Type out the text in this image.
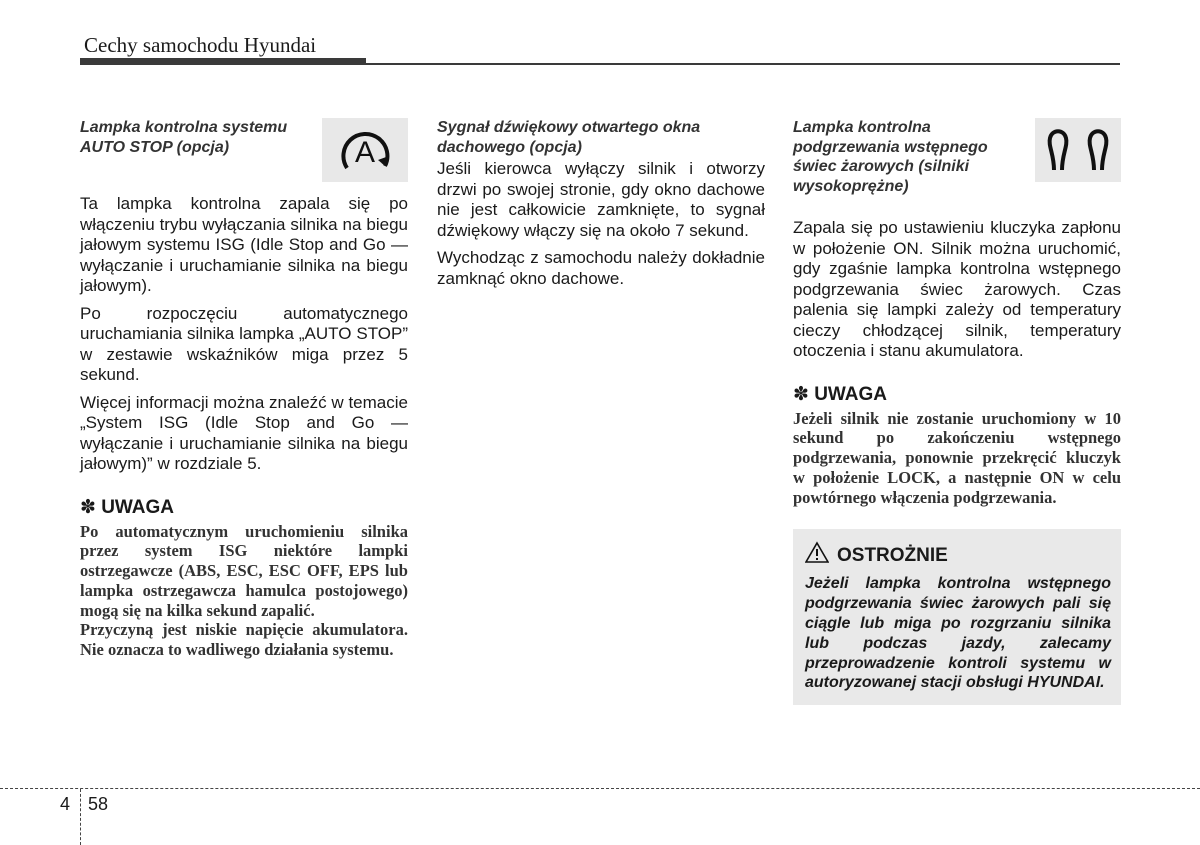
Cechy samochodu Hyundai

Lampka kontrolna systemu AUTO STOP (opcja)	A

Ta lampka kontrolna zapala się po włączeniu trybu wyłączania silnika na biegu jałowym systemu ISG (Idle Stop and Go — wyłączanie i uruchamianie silnika na biegu jałowym).

Po rozpoczęciu automatycznego uruchamiania silnika lampka „AUTO STOP” w zestawie wskaźników miga przez 5 sekund.

Więcej informacji można znaleźć w temacie „System ISG (Idle Stop and Go — wyłączanie i uruchamianie silnika na biegu jałowym)” w rozdziale 5.

✽ UWAGA

Po automatycznym uruchomieniu silnika przez system ISG niektóre lampki ostrzegawcze (ABS, ESC, ESC OFF, EPS lub lampka ostrzegawcza hamulca postojowego) mogą się na kilka sekund zapalić.

Przyczyną jest niskie napięcie akumulatora. Nie oznacza to wadliwego działania systemu.

Sygnał dźwiękowy otwartego okna dachowego (opcja)

Jeśli kierowca wyłączy silnik i otworzy drzwi po swojej stronie, gdy okno dachowe nie jest całkowicie zamknięte, to sygnał dźwiękowy włączy się na około 7 sekund.

Wychodząc z samochodu należy dokładnie zamknąć okno dachowe.

Lampka kontrolna podgrzewania wstępnego świec żarowych (silniki wysokoprężne)

Zapala się po ustawieniu kluczyka zapłonu w położenie ON. Silnik można uruchomić, gdy zgaśnie lampka kontrolna wstępnego podgrzewania świec żarowych. Czas palenia się lampki zależy od temperatury cieczy chłodzącej silnik, temperatury otoczenia i stanu akumulatora.

✽ UWAGA

Jeżeli silnik nie zostanie uruchomiony w 10 sekund po zakończeniu wstępnego podgrzewania, ponownie przekręcić kluczyk w położenie LOCK, a następnie ON w celu powtórnego włączenia podgrzewania.

OSTROŻNIE

Jeżeli lampka kontrolna wstępnego podgrzewania świec żarowych pali się ciągle lub miga po rozgrzaniu silnika lub podczas jazdy, zalecamy przeprowadzenie kontroli systemu w autoryzowanej stacji obsługi HYUNDAI.

4 58
